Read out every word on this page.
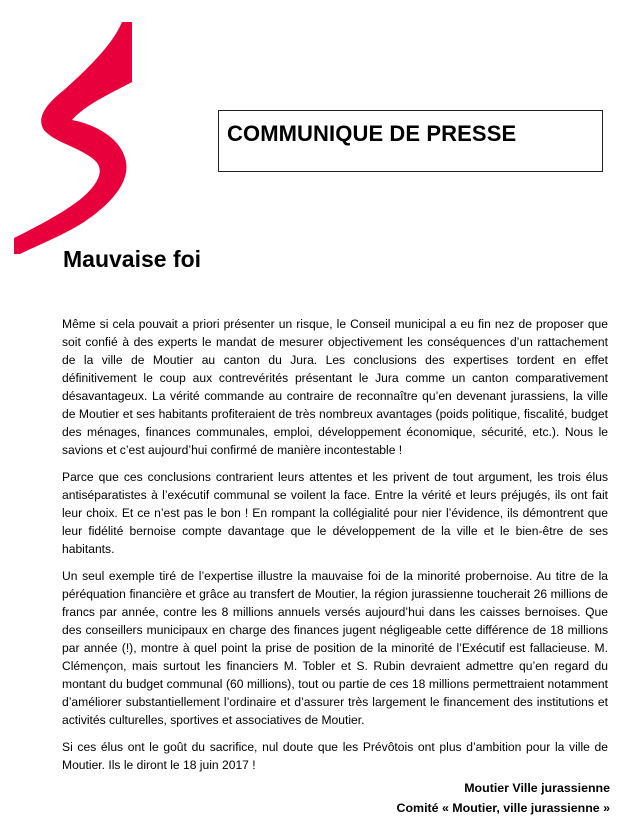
COMMUNIQUE DE PRESSE
Mauvaise foi

Même si cela pouvait a priori présenter un risque, le Conseil municipal a eu fin nez de proposer que soit confié à des experts le mandat de mesurer objectivement les conséquences d’un rattachement de la ville de Moutier au canton du Jura. Les conclusions des expertises tordent en effet définitivement le coup aux contrevérités présentant le Jura comme un canton comparativement désavantageux. La vérité commande au contraire de reconnaître qu’en devenant jurassiens, la ville de Moutier et ses habitants profiteraient de très nombreux avantages (poids politique, fiscalité, budget des ménages, finances communales, emploi, développement économique, sécurité, etc.). Nous le savions et c’est aujourd’hui confirmé de manière incontestable !

Parce que ces conclusions contrarient leurs attentes et les privent de tout argument, les trois élus antiséparatistes à l’exécutif communal se voilent la face. Entre la vérité et leurs préjugés, ils ont fait leur choix. Et ce n’est pas le bon ! En rompant la collégialité pour nier l’évidence, ils démontrent que leur fidélité bernoise compte davantage que le développement de la ville et le bien-être de ses habitants.

Un seul exemple tiré de l’expertise illustre la mauvaise foi de la minorité probernoise. Au titre de la péréquation financière et grâce au transfert de Moutier, la région jurassienne toucherait 26 millions de francs par année, contre les 8 millions annuels versés aujourd’hui dans les caisses bernoises. Que des conseillers municipaux en charge des finances jugent négligeable cette différence de 18 millions par année (!), montre à quel point la prise de position de la minorité de l’Exécutif est fallacieuse. M. Clémençon, mais surtout les financiers M. Tobler et S. Rubin devraient admettre qu’en regard du montant du budget communal (60 millions), tout ou partie de ces 18 millions permettraient notamment d’améliorer substantiellement l’ordinaire et d’assurer très largement le financement des institutions et activités culturelles, sportives et associatives de Moutier.

Si ces élus ont le goût du sacrifice, nul doute que les Prévôtois ont plus d’ambition pour la ville de Moutier. Ils le diront le 18 juin 2017 !

Moutier Ville jurassienne
Comité « Moutier, ville jurassienne »
